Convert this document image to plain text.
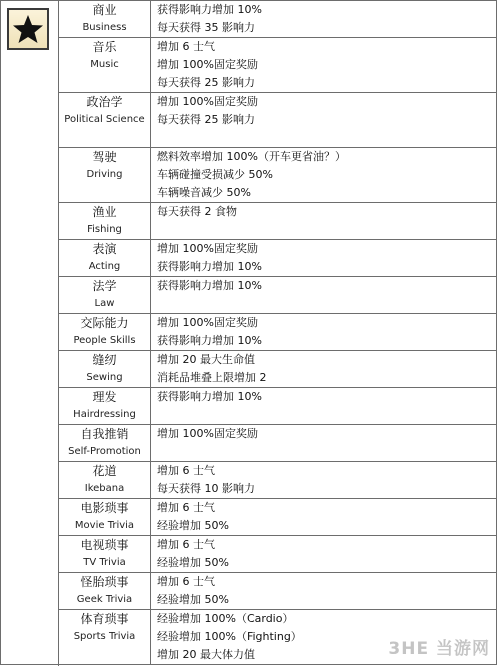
商业
Business	获得影响力增加 10%
每天获得 35 影响力

音乐
Music	增加 6 士气
增加 100%固定奖励
每天获得 25 影响力

政治学
Political Science	增加 100%固定奖励
每天获得 25 影响力

驾驶
Driving	燃料效率增加 100%（开车更省油？）
车辆碰撞受损减少 50%
车辆噪音减少 50%

渔业
Fishing	每天获得 2 食物

表演
Acting	增加 100%固定奖励
获得影响力增加 10%

法学
Law	获得影响力增加 10%

交际能力
People Skills	增加 100%固定奖励
获得影响力增加 10%

缝纫
Sewing	增加 20 最大生命值
消耗品堆叠上限增加 2

理发
Hairdressing	获得影响力增加 10%

自我推销
Self-Promotion	增加 100%固定奖励

花道
Ikebana	增加 6 士气
每天获得 10 影响力

电影琐事
Movie Trivia	增加 6 士气
经验增加 50%

电视琐事
TV Trivia	增加 6 士气
经验增加 50%

怪胎琐事
Geek Trivia	增加 6 士气
经验增加 50%

体育琐事
Sports Trivia	经验增加 100%（Cardio）
经验增加 100%（Fighting）
增加 20 最大体力值	3HE 当游网
